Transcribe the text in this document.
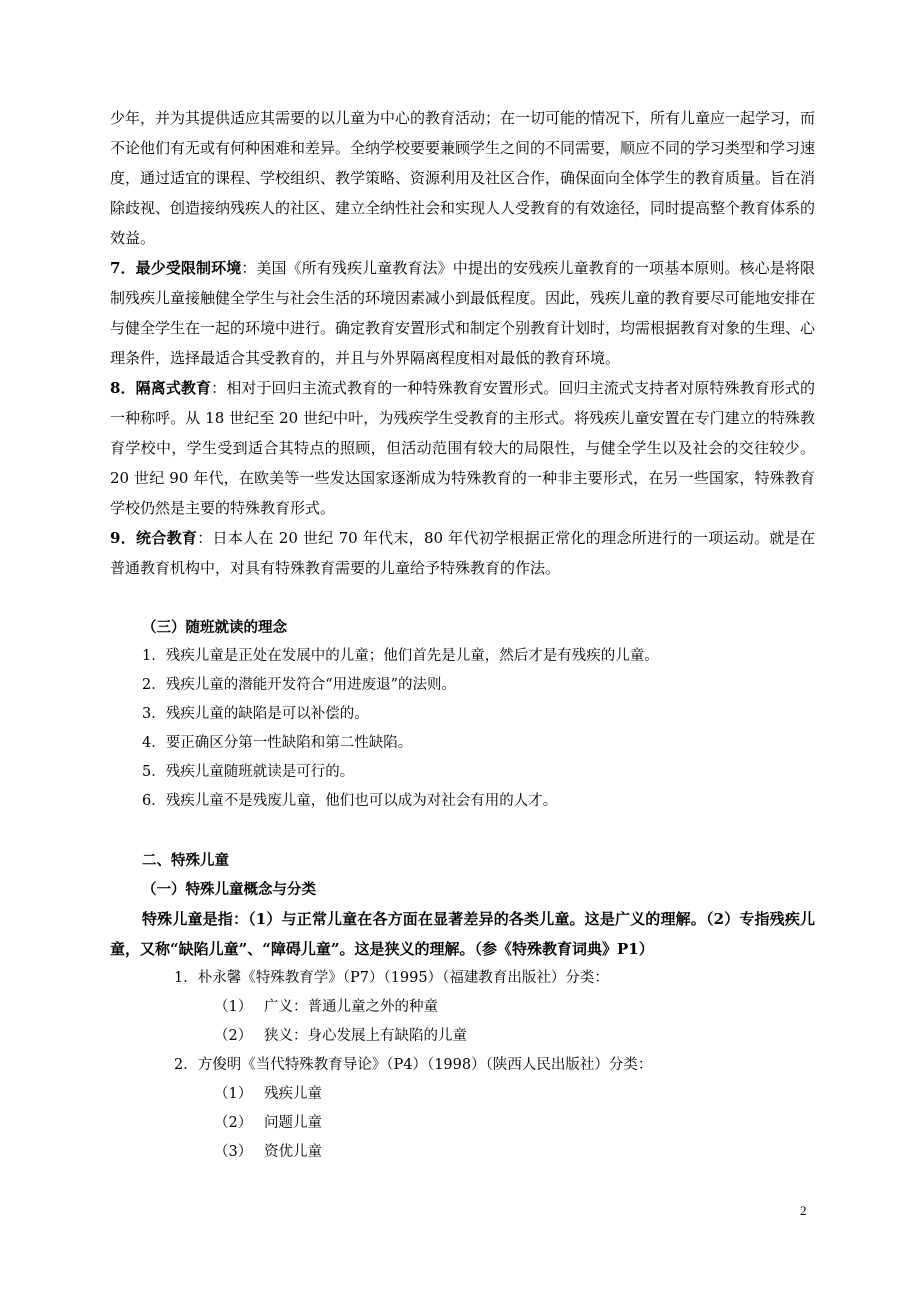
少年，并为其提供适应其需要的以儿童为中心的教育活动；在一切可能的情况下，所有儿童应一起学习，而不论他们有无或有何种困难和差异。全纳学校要要兼顾学生之间的不同需要，顺应不同的学习类型和学习速度，通过适宜的课程、学校组织、教学策略、资源利用及社区合作，确保面向全体学生的教育质量。旨在消除歧视、创造接纳残疾人的社区、建立全纳性社会和实现人人受教育的有效途径，同时提高整个教育体系的效益。

7．最少受限制环境：美国《所有残疾儿童教育法》中提出的安残疾儿童教育的一项基本原则。核心是将限制残疾儿童接触健全学生与社会生活的环境因素减小到最低程度。因此，残疾儿童的教育要尽可能地安排在与健全学生在一起的环境中进行。确定教育安置形式和制定个别教育计划时，均需根据教育对象的生理、心理条件，选择最适合其受教育的，并且与外界隔离程度相对最低的教育环境。

8．隔离式教育：相对于回归主流式教育的一种特殊教育安置形式。回归主流式支持者对原特殊教育形式的一种称呼。从 18 世纪至 20 世纪中叶，为残疾学生受教育的主形式。将残疾儿童安置在专门建立的特殊教育学校中，学生受到适合其特点的照顾，但活动范围有较大的局限性，与健全学生以及社会的交往较少。20 世纪 90 年代，在欧美等一些发达国家逐渐成为特殊教育的一种非主要形式，在另一些国家，特殊教育学校仍然是主要的特殊教育形式。

9．统合教育：日本人在 20 世纪 70 年代末，80 年代初学根据正常化的理念所进行的一项运动。就是在普通教育机构中，对具有特殊教育需要的儿童给予特殊教育的作法。

（三）随班就读的理念

1．残疾儿童是正处在发展中的儿童；他们首先是儿童，然后才是有残疾的儿童。

2．残疾儿童的潜能开发符合“用进废退”的法则。

3．残疾儿童的缺陷是可以补偿的。

4．要正确区分第一性缺陷和第二性缺陷。

5．残疾儿童随班就读是可行的。

6．残疾儿童不是残废儿童，他们也可以成为对社会有用的人才。

二、特殊儿童

（一）特殊儿童概念与分类

特殊儿童是指：（1）与正常儿童在各方面在显著差异的各类儿童。这是广义的理解。（2）专指残疾儿童，又称“缺陷儿童”、“障碍儿童”。这是狭义的理解。（参《特殊教育词典》P1）

1．朴永馨《特殊教育学》（P7）（1995）（福建教育出版社）分类：

（1） 广义：普通儿童之外的种童

（2） 狭义：身心发展上有缺陷的儿童

2．方俊明《当代特殊教育导论》（P4）（1998）（陕西人民出版社）分类：

（1） 残疾儿童

（2） 问题儿童

（3） 资优儿童

2
